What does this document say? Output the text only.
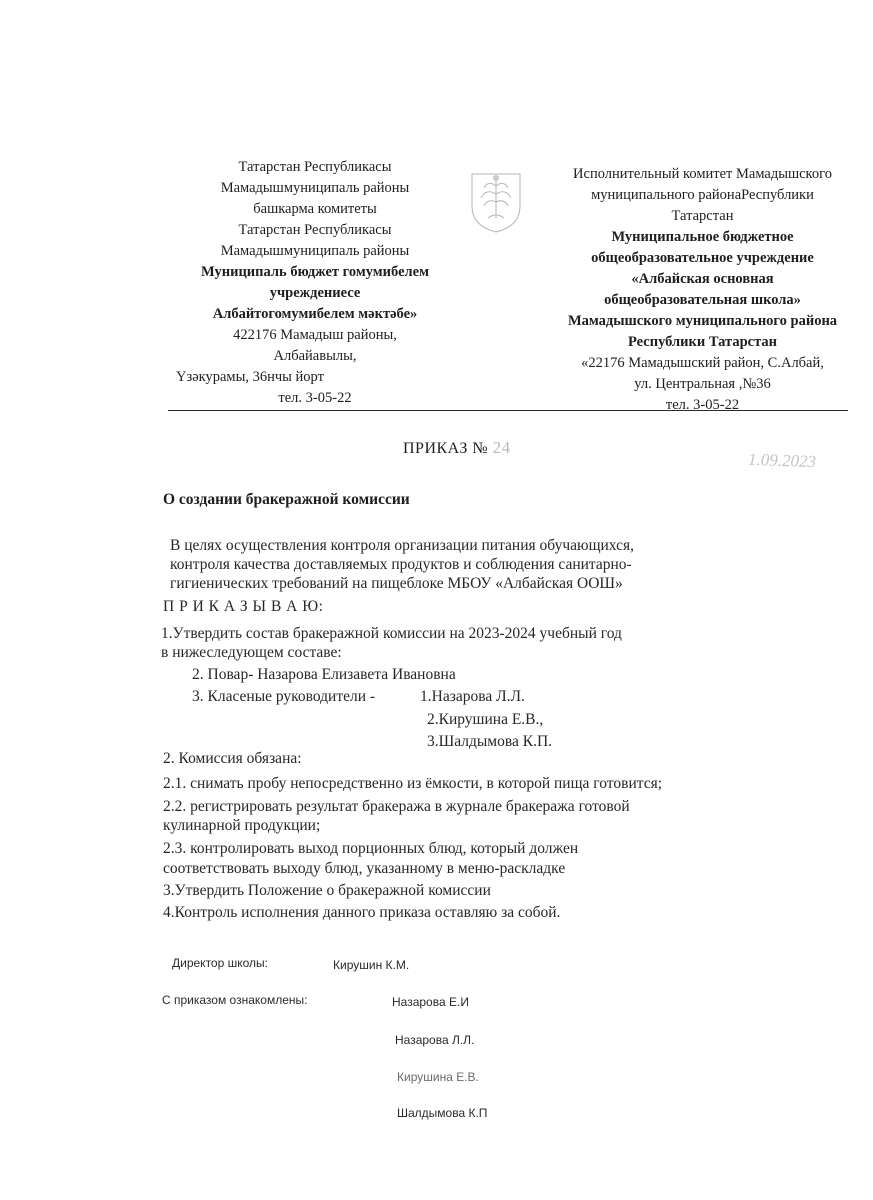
Татарстан Республикасы
Мамадышмуниципаль районы
башкарма комитеты
Татарстан Республикасы
Мамадышмуниципаль районы
Муниципаль бюджет гомумибелем
учреждениесе
Албайтогомумибелем мәктәбе»
422176 Мамадыш районы,
Албайавылы,
Үзәкурамы, 36нчы йорт
тел. 3-05-22
Исполнительный комитет Мамадышского
муниципального районаРеспублики
Татарстан
Муниципальное бюджетное
общеобразовательное учреждение
«Албайская основная
общеобразовательная школа»
Мамадышского муниципального района
Республики Татарстан
«22176 Мамадышский район, С.Албай,
ул. Центральная ,№36
тел. 3-05-22
ПРИКАЗ № 24
1.09.2023
О создании бракеражной комиссии
В целях осуществления контроля организации питания обучающихся,
контроля качества доставляемых продуктов и соблюдения санитарно-
гигиенических требований на пищеблоке МБОУ «Албайская ООШ»
П Р И К А З Ы В А Ю:
1.Утвердить состав бракеражной комиссии на 2023-2024 учебный год
в нижеследующем составе:
2. Повар- Назарова Елизавета Ивановна
3. Класеные руководители -	1.Назарова Л.Л.
2.Кирушина Е.В.,
3.Шалдымова К.П.
2. Комиссия обязана:
2.1. снимать пробу непосредственно из ёмкости, в которой пища готовится;
2.2. регистрировать результат бракеража в журнале бракеража готовой
кулинарной продукции;
2.3. контролировать выход порционных блюд, который должен
соответствовать выходу блюд, указанному в меню-раскладке
3.Утвердить Положение о бракеражной комиссии
4.Контроль исполнения данного приказа оставляю за собой.
Директор школы:	Кирушин К.М.
С приказом ознакомлены:	Назарова Е.И
Назарова Л.Л.
Кирушина Е.В.
Шалдымова К.П
